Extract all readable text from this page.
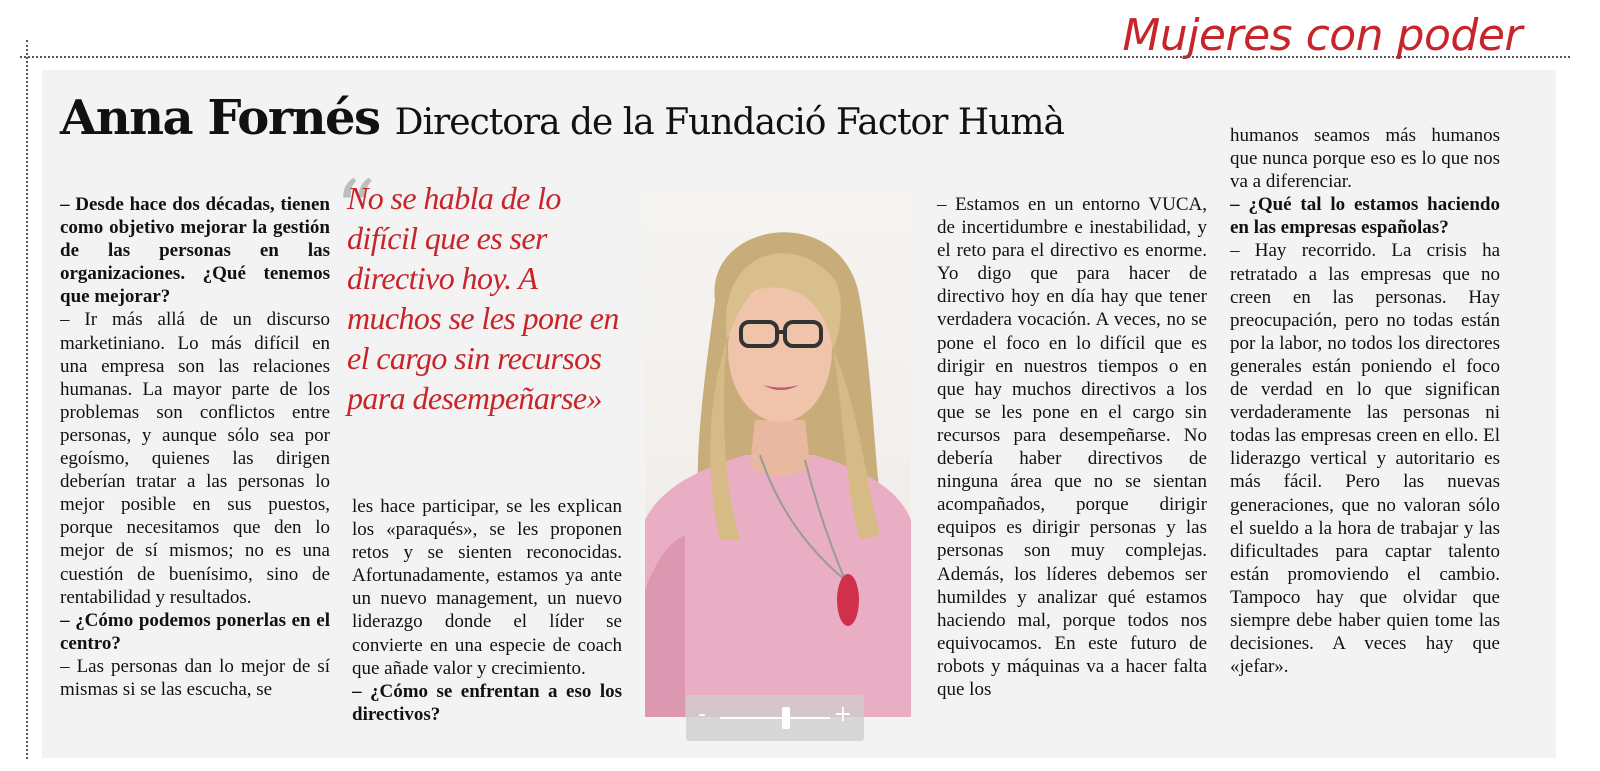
Mujeres con poder
Anna Fornés Directora de la Fundació Factor Humà

– Desde hace dos décadas, tienen como objetivo mejorar la gestión de las personas en las organizaciones. ¿Qué tenemos que mejorar?

– Ir más allá de un discurso marketiniano. Lo más difícil en una empresa son las relaciones humanas. La mayor parte de los problemas son conflictos entre personas, y aunque sólo sea por egoísmo, quienes las dirigen deberían tratar a las personas lo mejor posible en sus puestos, porque necesitamos que den lo mejor de sí mismos; no es una cuestión de buenísimo, sino de rentabilidad y resultados.

– ¿Cómo podemos ponerlas en el centro?

– Las personas dan lo mejor de sí mismas si se las escucha, se

“
No se habla de lo difícil que es ser directivo hoy. A muchos se les pone en el cargo sin recursos para desempeñarse»

les hace participar, se les explican los «paraqués», se les proponen retos y se sienten reconocidas. Afortunadamente, estamos ya ante un nuevo management, un nuevo liderazgo donde el líder se convierte en una especie de coach que añade valor y crecimiento.

– ¿Cómo se enfrentan a eso los directivos?

– Estamos en un entorno VUCA, de incertidumbre e inestabilidad, y el reto para el directivo es enorme. Yo digo que para hacer de directivo hoy en día hay que tener verdadera vocación. A veces, no se pone el foco en lo difícil que es dirigir en nuestros tiempos o en que hay muchos directivos a los que se les pone en el cargo sin recursos para desempeñarse. No debería haber directivos de ninguna área que no se sientan acompañados, porque dirigir equipos es dirigir personas y las personas son muy complejas. Además, los líderes debemos ser humildes y analizar qué estamos haciendo mal, porque todos nos equivocamos. En este futuro de robots y máquinas va a hacer falta que los

humanos seamos más humanos que nunca porque eso es lo que nos va a diferenciar.

– ¿Qué tal lo estamos haciendo en las empresas españolas?

– Hay recorrido. La crisis ha retratado a las empresas que no creen en las personas. Hay preocupación, pero no todas están por la labor, no todos los directores generales están poniendo el foco de verdad en lo que significan verdaderamente las personas ni todas las empresas creen en ello. El liderazgo vertical y autoritario es más fácil. Pero las nuevas generaciones, que no valoran sólo el sueldo a la hora de trabajar y las dificultades para captar talento están promoviendo el cambio. Tampoco hay que olvidar que siempre debe haber quien tome las decisiones. A veces hay que «jefar».

-	+
